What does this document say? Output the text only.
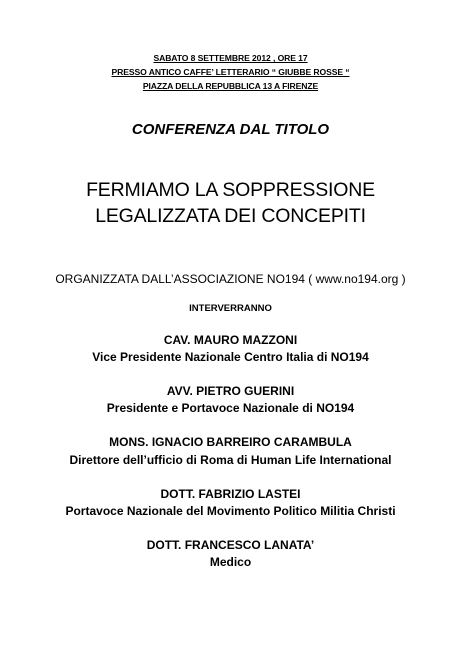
SABATO 8 SETTEMBRE 2012 , ORE 17
PRESSO ANTICO CAFFE’ LETTERARIO “ GIUBBE ROSSE “
PIAZZA DELLA REPUBBLICA 13 A FIRENZE
CONFERENZA DAL TITOLO
FERMIAMO LA SOPPRESSIONE
LEGALIZZATA DEI CONCEPITI
ORGANIZZATA DALL’ASSOCIAZIONE NO194 ( www.no194.org )
INTERVERRANNO
CAV. MAURO MAZZONI
Vice Presidente Nazionale Centro Italia di NO194
AVV. PIETRO GUERINI
Presidente e Portavoce Nazionale di NO194
MONS. IGNACIO BARREIRO CARAMBULA
Direttore dell’ufficio di Roma di Human Life International
DOTT. FABRIZIO LASTEI
Portavoce Nazionale del Movimento Politico Militia Christi
DOTT. FRANCESCO LANATA’
Medico
